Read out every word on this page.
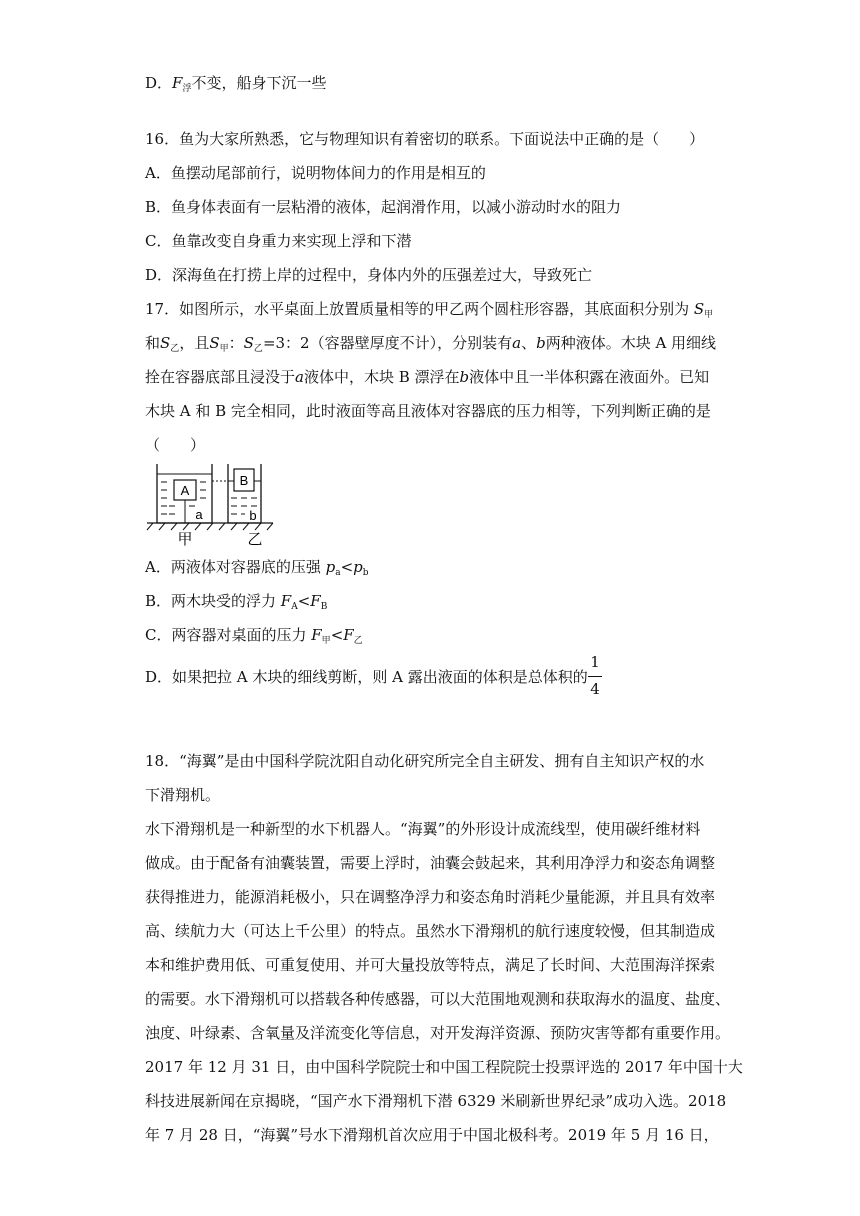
D．$F_浮$不变，船身下沉一些
16．鱼为大家所熟悉，它与物理知识有着密切的联系。下面说法中正确的是（　　）
A．鱼摆动尾部前行，说明物体间力的作用是相互的
B．鱼身体表面有一层粘滑的液体，起润滑作用，以减小游动时水的阻力
C．鱼靠改变自身重力来实现上浮和下潜
D．深海鱼在打捞上岸的过程中，身体内外的压强差过大，导致死亡
17．如图所示，水平桌面上放置质量相等的甲乙两个圆柱形容器，其底面积分别为 $S_甲$
和$S_乙$，且$S_甲$：$S_乙=3$：2（容器壁厚度不计），分别装有a、b两种液体。木块 A 用细线
拴在容器底部且浸没于a液体中，木块 B 漂浮在b液体中且一半体积露在液面外。已知
木块 A 和 B 完全相同，此时液面等高且液体对容器底的压力相等，下列判断正确的是
（　　）
A
a
B
b
甲	乙
A．两液体对容器底的压强 $p_a<p_b$
B．两木块受的浮力 $F_A<F_B$
C．两容器对桌面的压力 $F_甲<F_乙$
D．如果把拉 A 木块的细线剪断，则 A 露出液面的体积是总体积的
1
4
18．“海翼”是由中国科学院沈阳自动化研究所完全自主研发、拥有自主知识产权的水
下滑翔机。
水下滑翔机是一种新型的水下机器人。“海翼”的外形设计成流线型，使用碳纤维材料
做成。由于配备有油囊装置，需要上浮时，油囊会鼓起来，其利用净浮力和姿态角调整
获得推进力，能源消耗极小，只在调整净浮力和姿态角时消耗少量能源，并且具有效率
高、续航力大（可达上千公里）的特点。虽然水下滑翔机的航行速度较慢，但其制造成
本和维护费用低、可重复使用、并可大量投放等特点，满足了长时间、大范围海洋探索
的需要。水下滑翔机可以搭载各种传感器，可以大范围地观测和获取海水的温度、盐度、
浊度、叶绿素、含氧量及洋流变化等信息，对开发海洋资源、预防灾害等都有重要作用。
2017 年 12 月 31 日，由中国科学院院士和中国工程院院士投票评选的 2017 年中国十大
科技进展新闻在京揭晓，“国产水下滑翔机下潜 6329 米刷新世界纪录”成功入选。2018
年 7 月 28 日，“海翼”号水下滑翔机首次应用于中国北极科考。2019 年 5 月 16 日，
